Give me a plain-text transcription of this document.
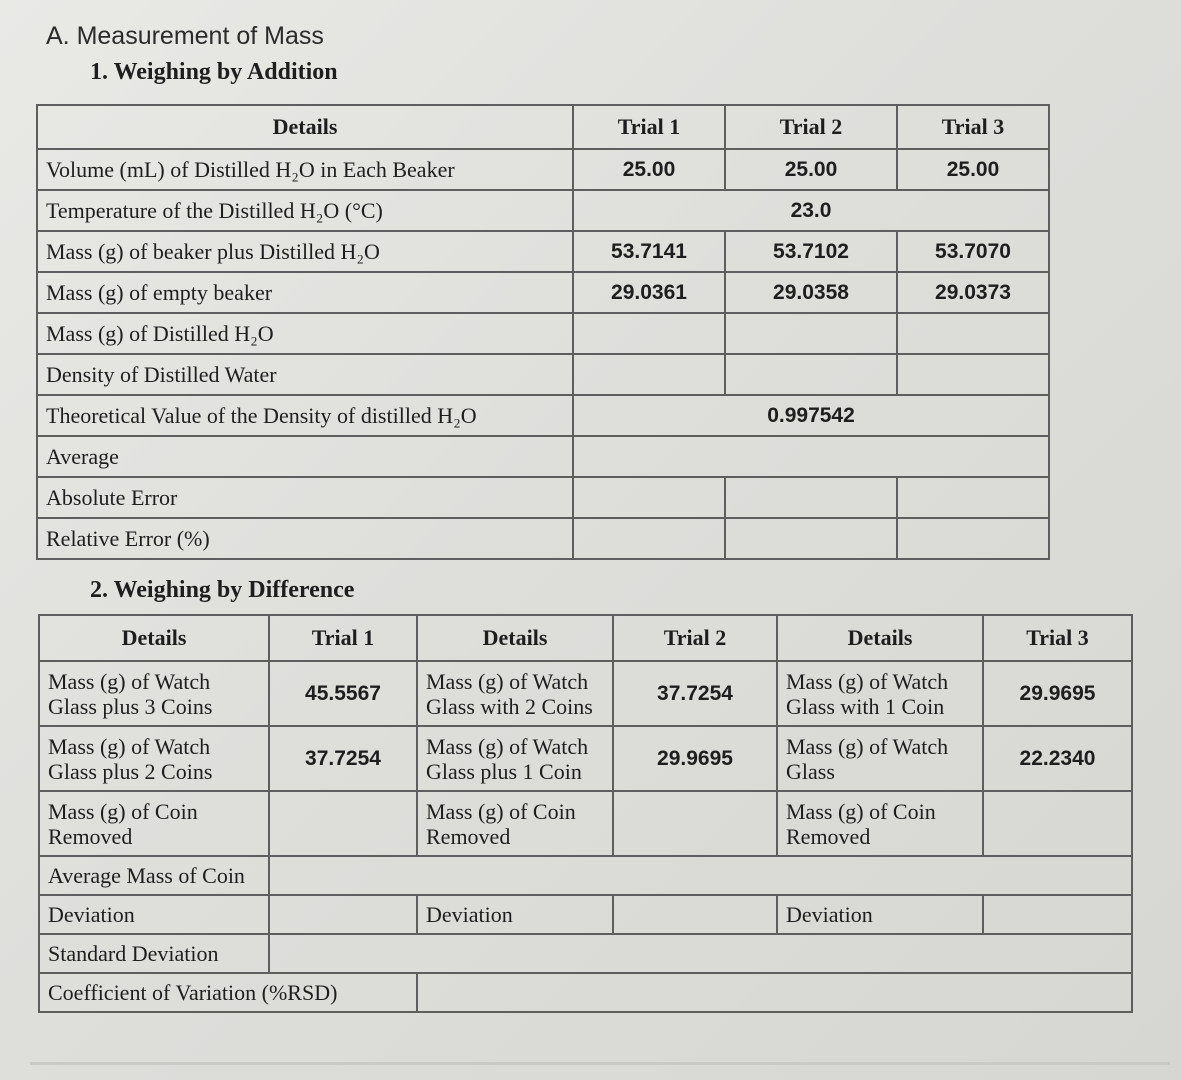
A. Measurement of Mass
1. Weighing by Addition
Details	Trial 1	Trial 2	Trial 3
Volume (mL) of Distilled H₂O in Each Beaker	25.00	25.00	25.00
Temperature of the Distilled H₂O (°C)	23.0		
Mass (g) of beaker plus Distilled H₂O	53.7141	53.7102	53.7070
Mass (g) of empty beaker	29.0361	29.0358	29.0373
Mass (g) of Distilled H₂O			
Density of Distilled Water			
Theoretical Value of the Density of distilled H₂O	0.997542		
Average			
Absolute Error			
Relative Error (%)			
2. Weighing by Difference
Details	Trial 1	Details	Trial 2	Details	Trial 3
Mass (g) of Watch Glass plus 3 Coins	45.5567	Mass (g) of Watch Glass with 2 Coins	37.7254	Mass (g) of Watch Glass with 1 Coin	29.9695
Mass (g) of Watch Glass plus 2 Coins	37.7254	Mass (g) of Watch Glass plus 1 Coin	29.9695	Mass (g) of Watch Glass	22.2340
Mass (g) of Coin Removed		Mass (g) of Coin Removed		Mass (g) of Coin Removed	
Average Mass of Coin					
Deviation		Deviation		Deviation	
Standard Deviation					
Coefficient of Variation (%RSD)					
